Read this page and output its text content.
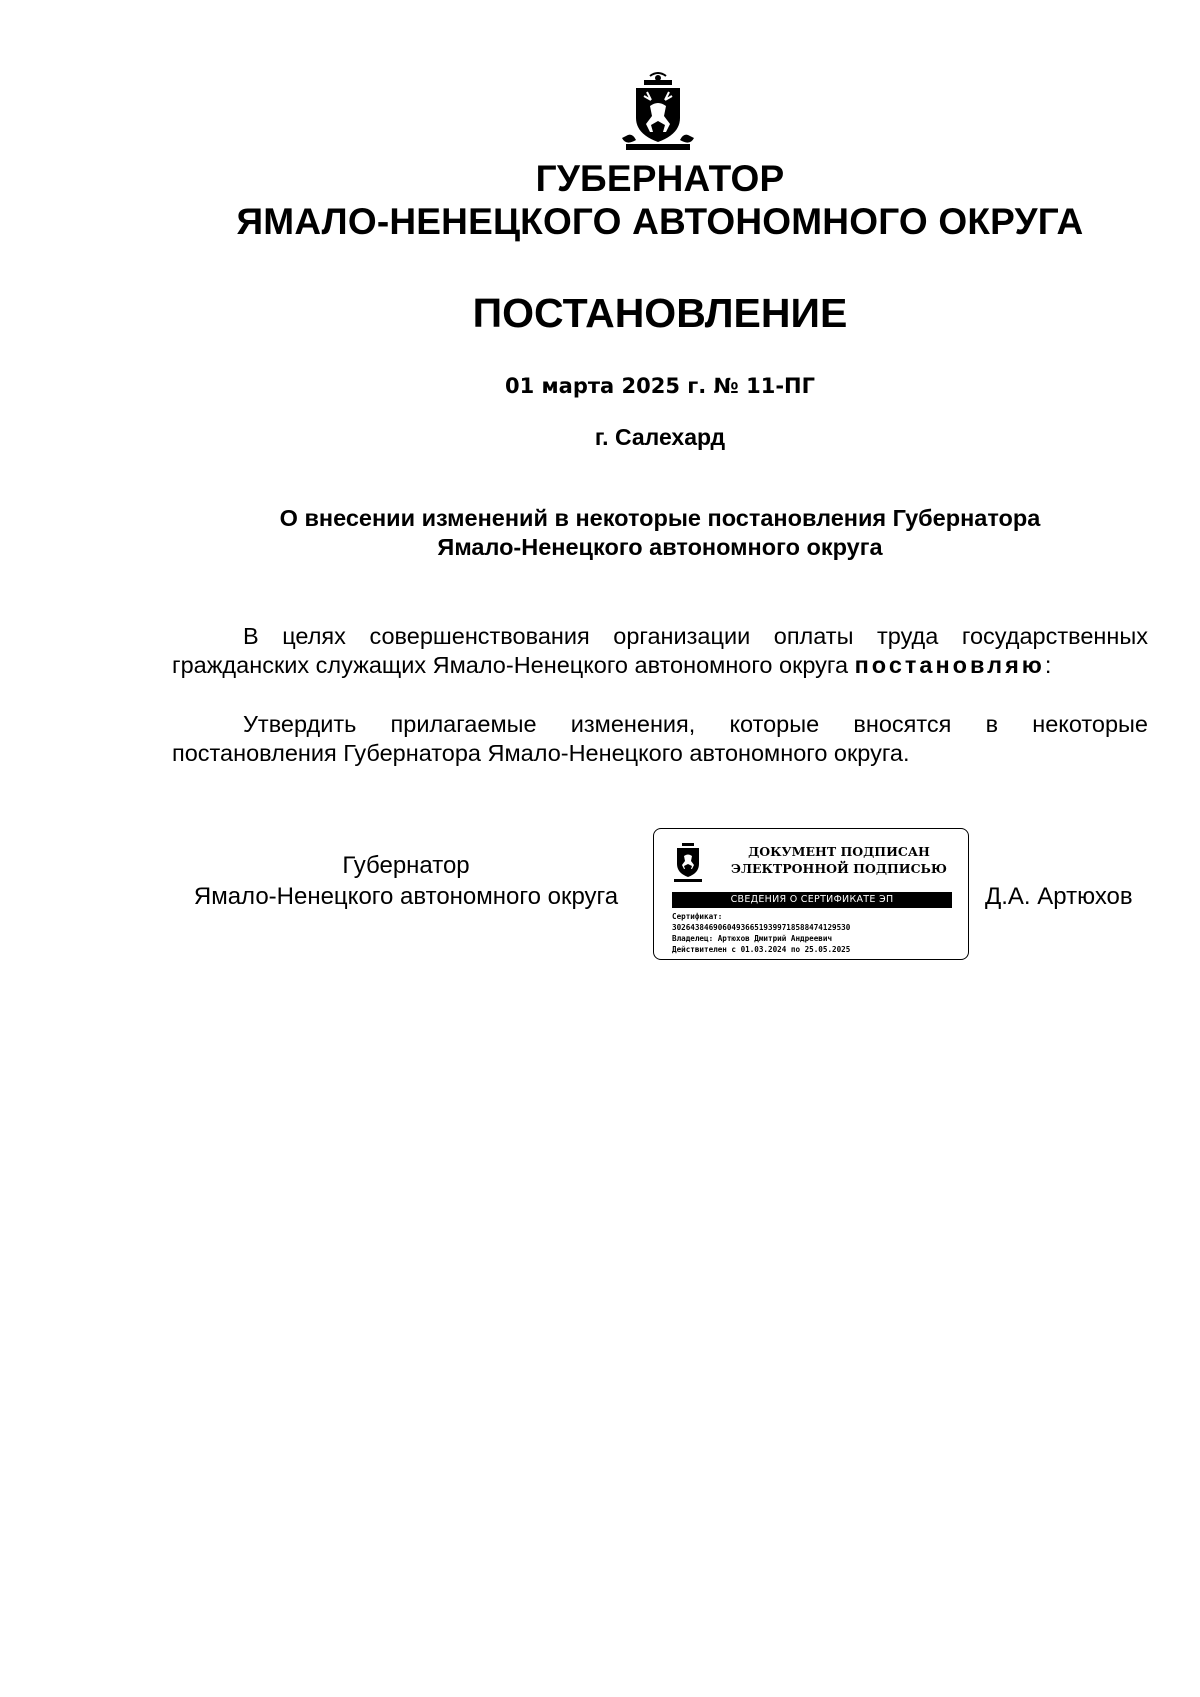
ГУБЕРНАТОР
ЯМАЛО-НЕНЕЦКОГО АВТОНОМНОГО ОКРУГА
ПОСТАНОВЛЕНИЕ
01 марта 2025 г. № 11-ПГ
г. Салехард
О внесении изменений в некоторые постановления Губернатора
Ямало-Ненецкого автономного округа
В целях совершенствования организации оплаты труда государственных гражданских служащих Ямало-Ненецкого автономного округа постановляю:
Утвердить прилагаемые изменения, которые вносятся в некоторые постановления Губернатора Ямало-Ненецкого автономного округа.
Губернатор
Ямало-Ненецкого автономного округа
ДОКУМЕНТ ПОДПИСАН
ЭЛЕКТРОННОЙ ПОДПИСЬЮ
СВЕДЕНИЯ О СЕРТИФИКАТЕ ЭП
Сертификат:
302643846906049366519399718588474129530
Владелец: Артюхов Дмитрий Андреевич
Действителен с 01.03.2024 по 25.05.2025
Д.А. Артюхов
